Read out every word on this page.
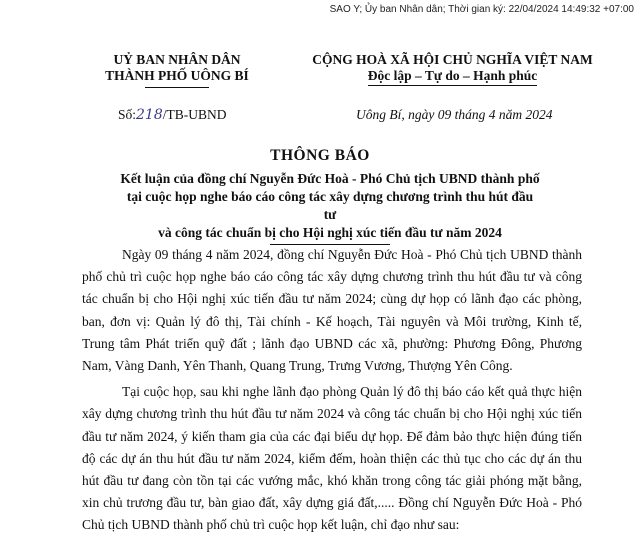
SAO Y; Ủy ban Nhân dân; Thời gian ký: 22/04/2024 14:49:32 +07:00
UỶ BAN NHÂN DÂN
THÀNH PHỐ UÔNG BÍ
CỘNG HOÀ XÃ HỘI CHỦ NGHĨA VIỆT NAM
Độc lập – Tự do – Hạnh phúc
Số:218/TB-UBND	Uông Bí, ngày 09 tháng 4 năm 2024
THÔNG BÁO
Kết luận của đồng chí Nguyễn Đức Hoà - Phó Chủ tịch UBND thành phố
tại cuộc họp nghe báo cáo công tác xây dựng chương trình thu hút đầu tư
và công tác chuẩn bị cho Hội nghị xúc tiến đầu tư năm 2024

Ngày 09 tháng 4 năm 2024, đồng chí Nguyễn Đức Hoà - Phó Chủ tịch UBND thành phố chủ trì cuộc họp nghe báo cáo công tác xây dựng chương trình thu hút đầu tư và công tác chuẩn bị cho Hội nghị xúc tiến đầu tư năm 2024; cùng dự họp có lãnh đạo các phòng, ban, đơn vị: Quản lý đô thị, Tài chính - Kế hoạch, Tài nguyên và Môi trường, Kinh tế, Trung tâm Phát triển quỹ đất ; lãnh đạo UBND các xã, phường: Phương Đông, Phương Nam, Vàng Danh, Yên Thanh, Quang Trung, Trưng Vương, Thượng Yên Công.

Tại cuộc họp, sau khi nghe lãnh đạo phòng Quản lý đô thị báo cáo kết quả thực hiện xây dựng chương trình thu hút đầu tư năm 2024 và công tác chuẩn bị cho Hội nghị xúc tiến đầu tư năm 2024, ý kiến tham gia của các đại biểu dự họp. Để đảm bảo thực hiện đúng tiến độ các dự án thu hút đầu tư năm 2024, kiểm đếm, hoàn thiện các thủ tục cho các dự án thu hút đầu tư đang còn tồn tại các vướng mắc, khó khăn trong công tác giải phóng mặt bằng, xin chủ trương đầu tư, bàn giao đất, xây dựng giá đất,..... Đồng chí Nguyễn Đức Hoà - Phó Chủ tịch UBND thành phố chủ trì cuộc họp kết luận, chỉ đạo như sau:
